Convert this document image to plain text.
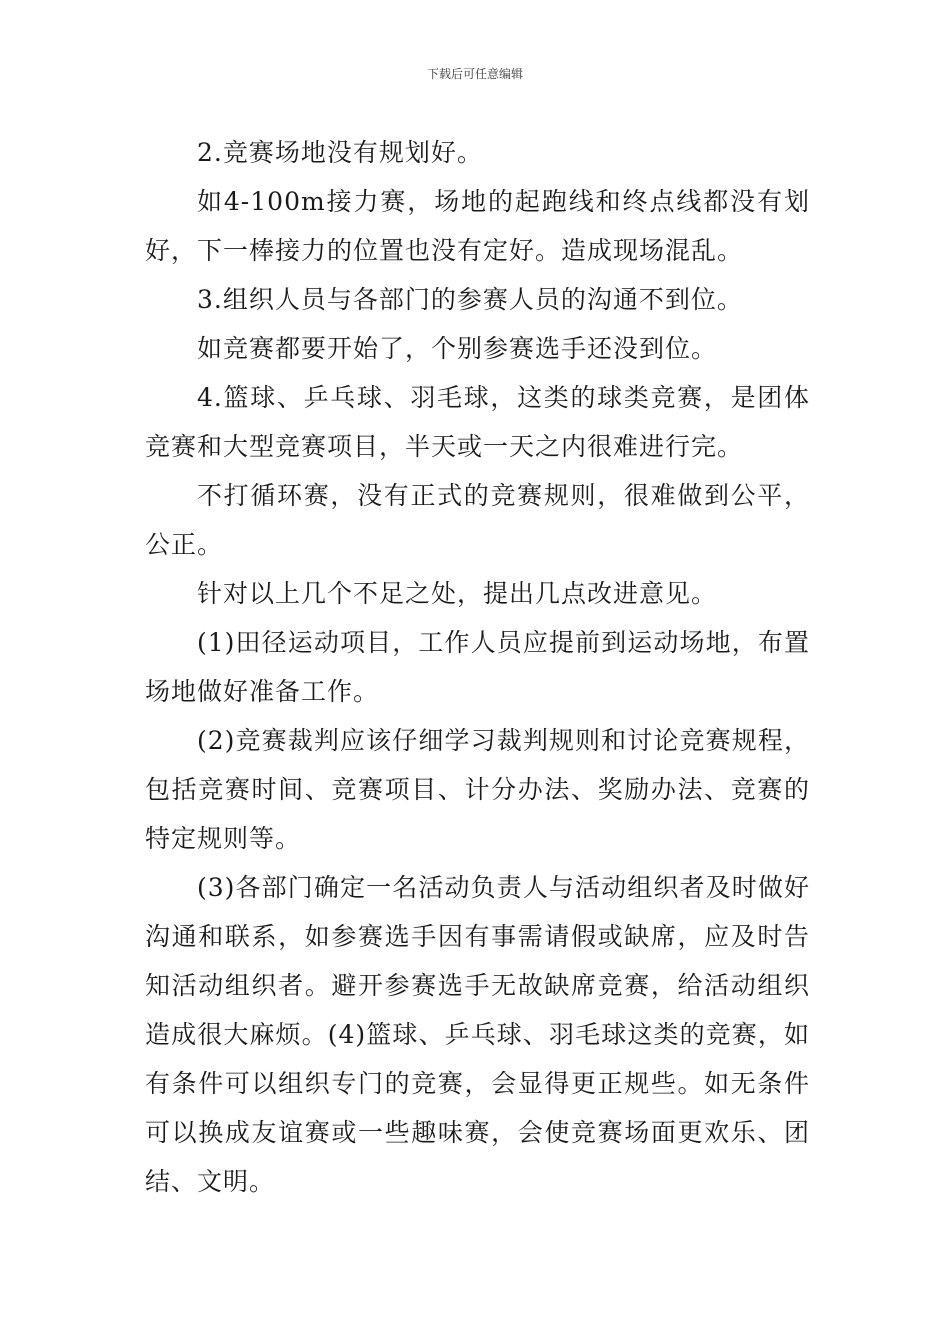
下载后可任意编辑

2.竞赛场地没有规划好。

如4-100m接力赛，场地的起跑线和终点线都没有划好，下一棒接力的位置也没有定好。造成现场混乱。

3.组织人员与各部门的参赛人员的沟通不到位。

如竞赛都要开始了，个别参赛选手还没到位。

4.篮球、乒乓球、羽毛球，这类的球类竞赛，是团体竞赛和大型竞赛项目，半天或一天之内很难进行完。

不打循环赛，没有正式的竞赛规则，很难做到公平，公正。

针对以上几个不足之处，提出几点改进意见。

(1)田径运动项目，工作人员应提前到运动场地，布置场地做好准备工作。

(2)竞赛裁判应该仔细学习裁判规则和讨论竞赛规程，包括竞赛时间、竞赛项目、计分办法、奖励办法、竞赛的特定规则等。

(3)各部门确定一名活动负责人与活动组织者及时做好沟通和联系，如参赛选手因有事需请假或缺席，应及时告知活动组织者。避开参赛选手无故缺席竞赛，给活动组织造成很大麻烦。(4)篮球、乒乓球、羽毛球这类的竞赛，如有条件可以组织专门的竞赛，会显得更正规些。如无条件可以换成友谊赛或一些趣味赛，会使竞赛场面更欢乐、团结、文明。
